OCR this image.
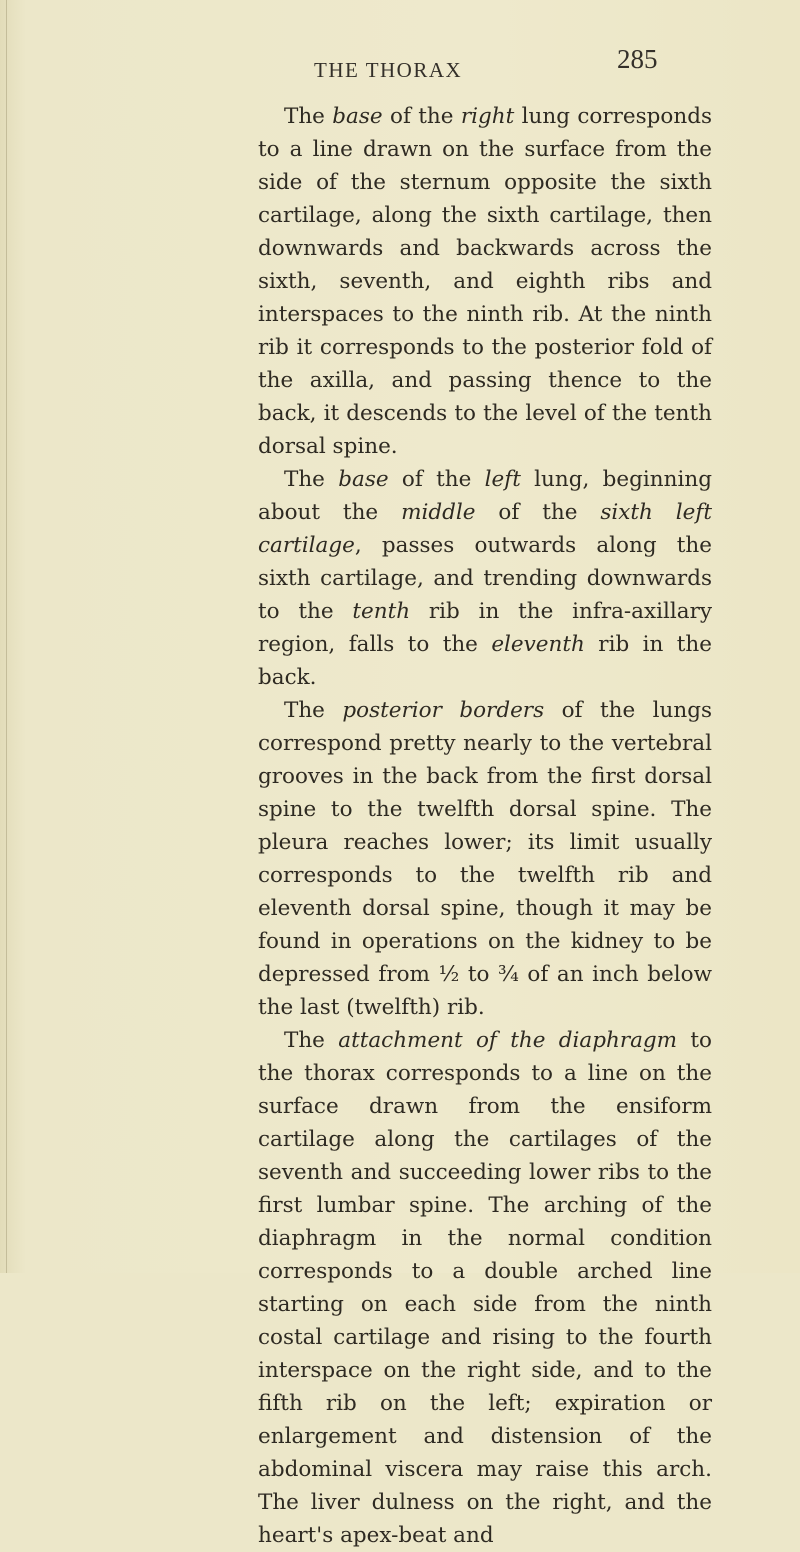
THE THORAX	285

The base of the right lung corresponds to a line drawn on the surface from the side of the sternum opposite the sixth cartilage, along the sixth cartilage, then downwards and backwards across the sixth, seventh, and eighth ribs and interspaces to the ninth rib. At the ninth rib it corresponds to the posterior fold of the axilla, and passing thence to the back, it descends to the level of the tenth dorsal spine.

The base of the left lung, beginning about the middle of the sixth left cartilage, passes outwards along the sixth cartilage, and trending downwards to the tenth rib in the infra-axillary region, falls to the eleventh rib in the back.

The posterior borders of the lungs correspond pretty nearly to the vertebral grooves in the back from the first dorsal spine to the twelfth dorsal spine. The pleura reaches lower; its limit usually corresponds to the twelfth rib and eleventh dorsal spine, though it may be found in operations on the kidney to be depressed from ½ to ¾ of an inch below the last (twelfth) rib.

The attachment of the diaphragm to the thorax corresponds to a line on the surface drawn from the ensiform cartilage along the cartilages of the seventh and succeeding lower ribs to the first lumbar spine. The arching of the diaphragm in the normal condition corresponds to a double arched line starting on each side from the ninth costal cartilage and rising to the fourth interspace on the right side, and to the fifth rib on the left; expiration or enlargement and distension of the abdominal viscera may raise this arch. The liver dulness on the right, and the heart's apex-beat and
